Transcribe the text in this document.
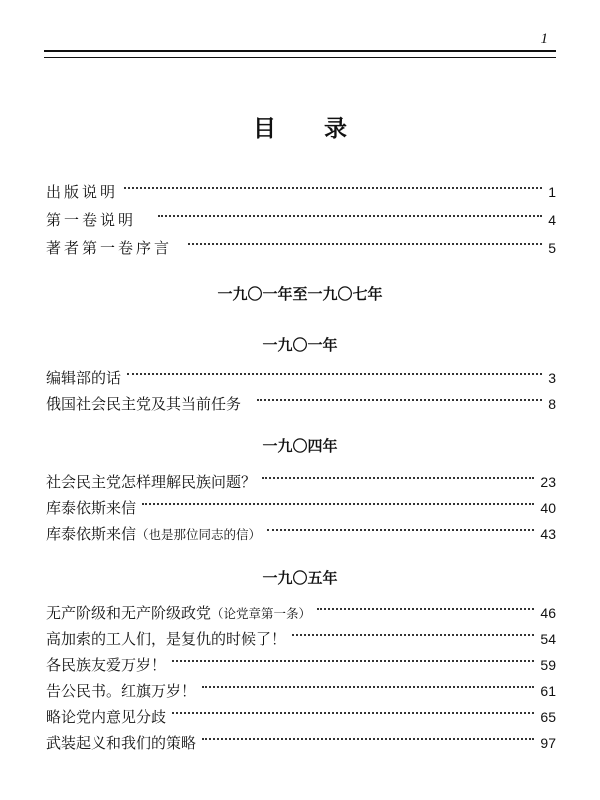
1
目 录
出版说明	1
第一卷说明	4
著者第一卷序言	5
一九〇一年至一九〇七年
一九〇一年
编辑部的话	3
俄国社会民主党及其当前任务	8
一九〇四年
社会民主党怎样理解民族问题？	23
库泰依斯来信	40
库泰依斯来信（也是那位同志的信）	43
一九〇五年
无产阶级和无产阶级政党（论党章第一条）	46
高加索的工人们，是复仇的时候了！	54
各民族友爱万岁！	59
告公民书。红旗万岁！	61
略论党内意见分歧	65
武装起义和我们的策略	97
